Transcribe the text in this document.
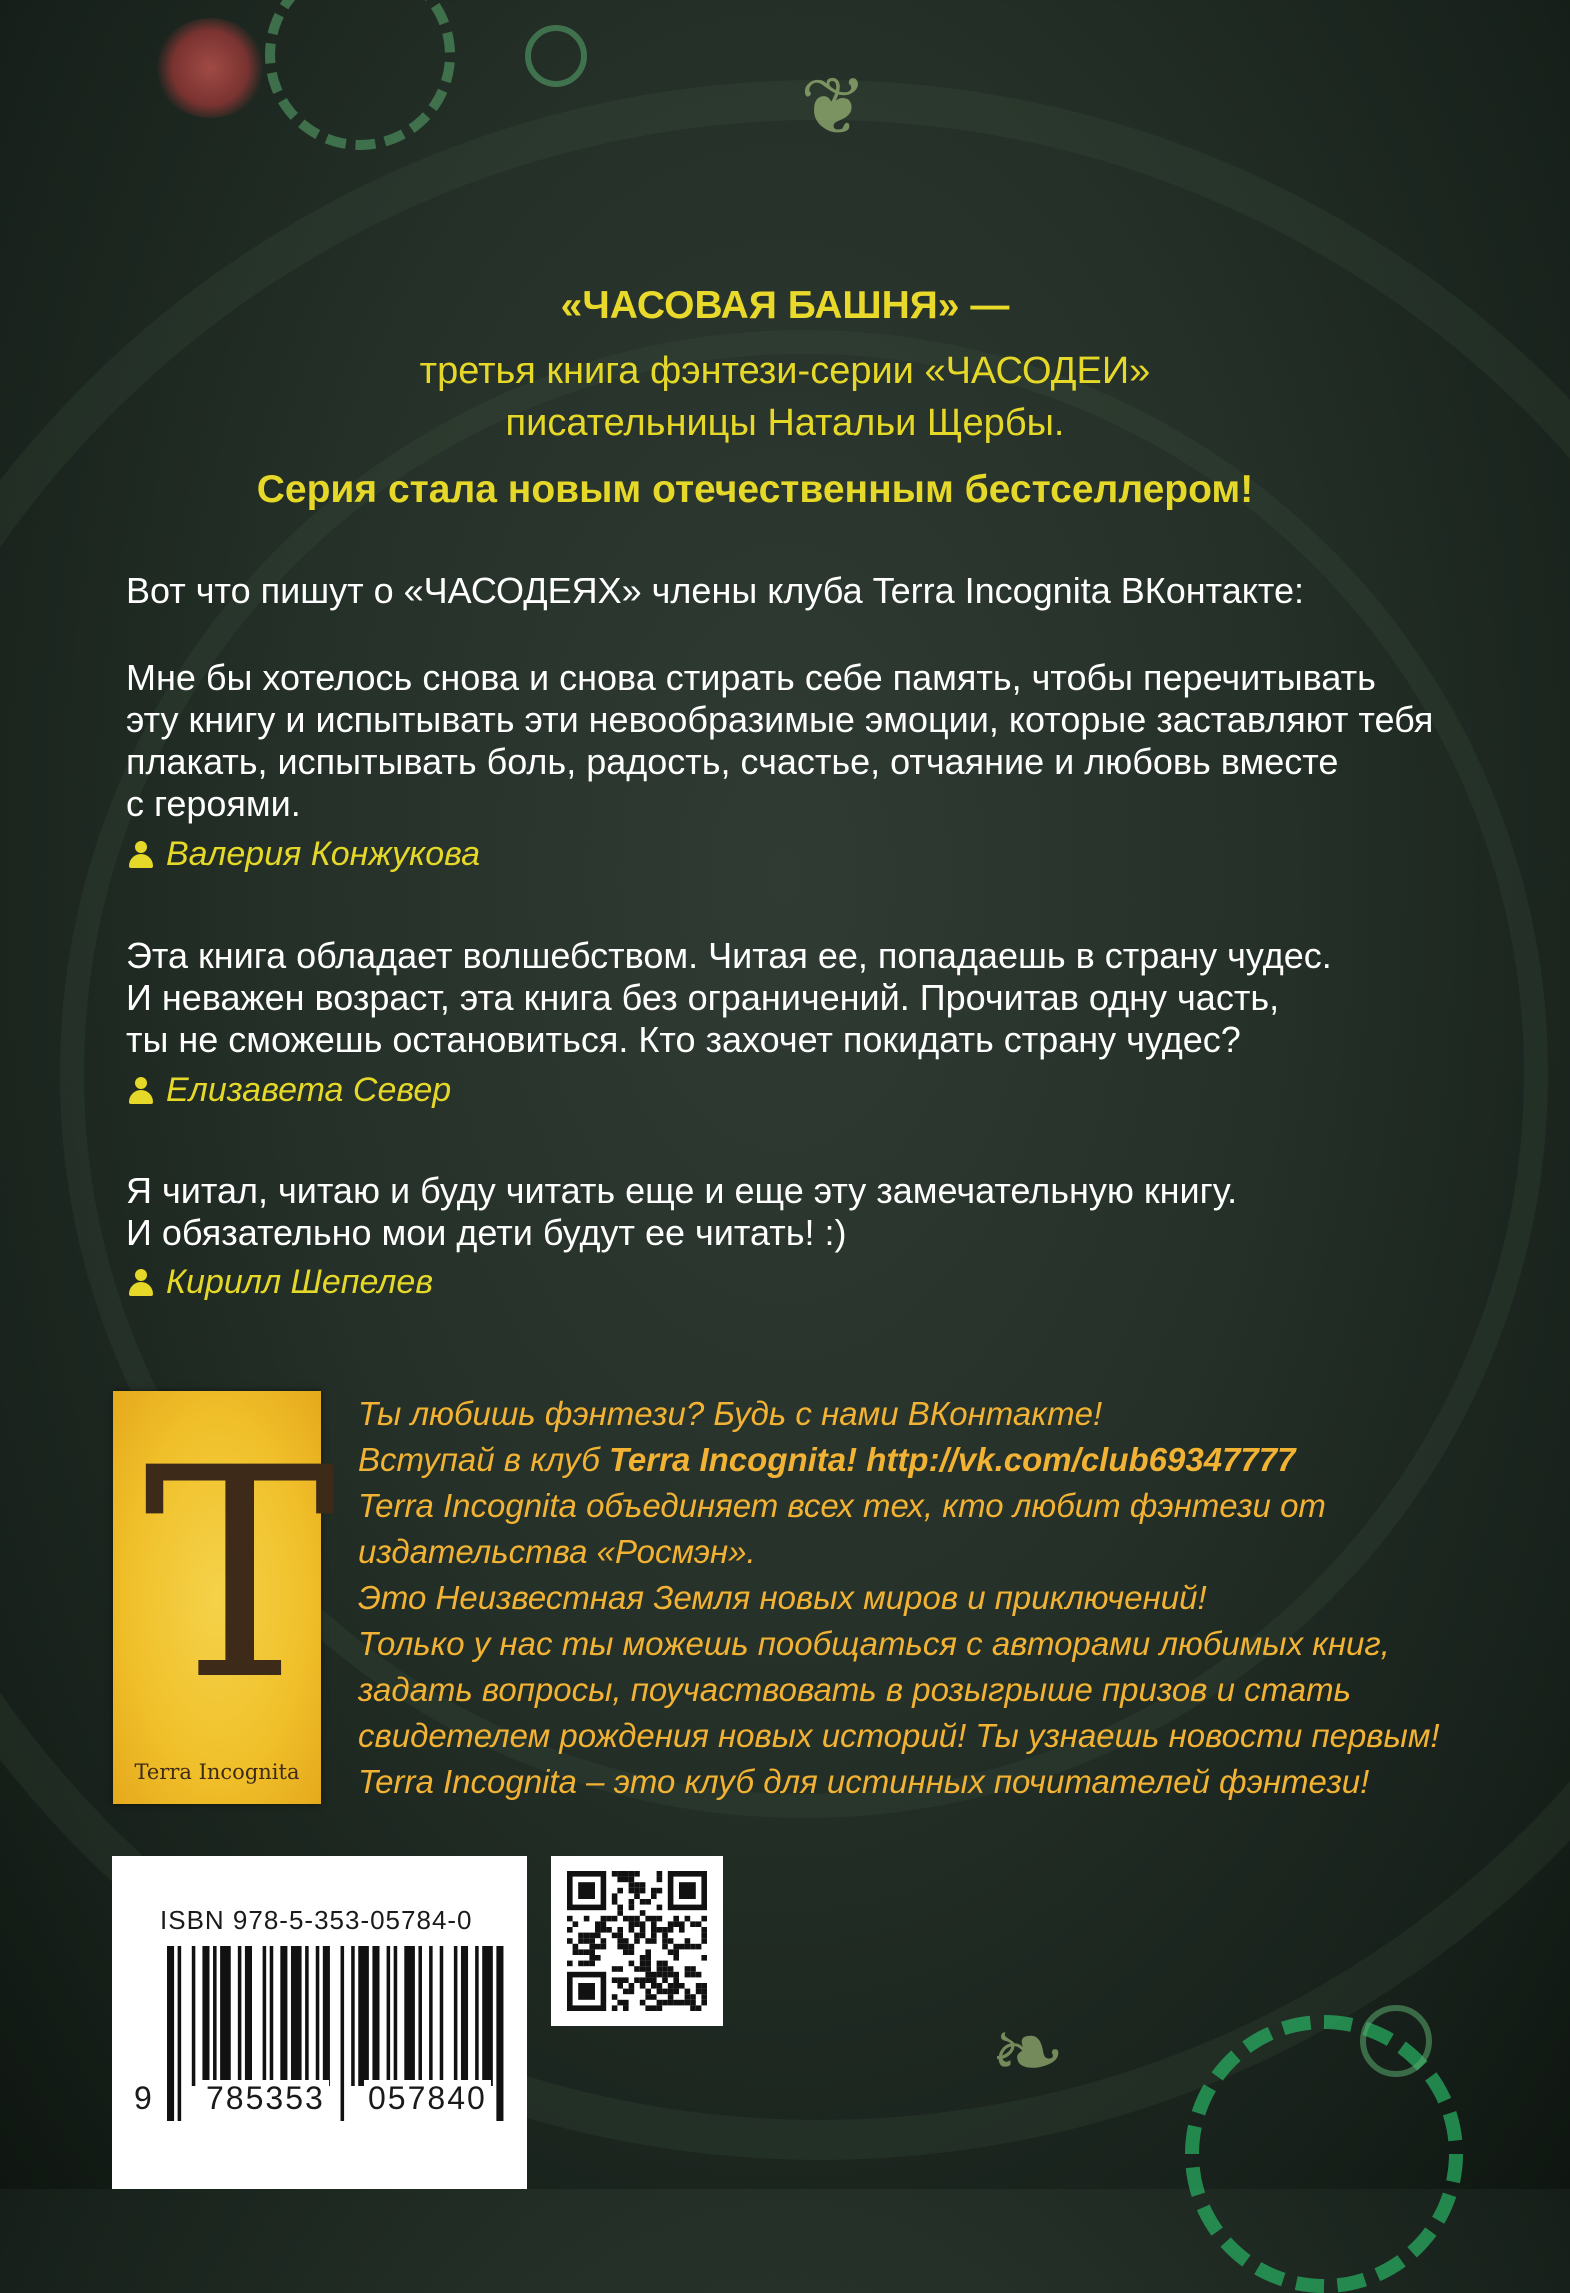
❦
❧
«ЧАСОВАЯ БАШНЯ» —
третья книга фэнтези-серии «ЧАСОДЕИ»
писательницы Натальи Щербы.
Серия стала новым отечественным бестселлером!
Вот что пишут о «ЧАСОДЕЯХ» члены клуба Terra Incognita ВКонтакте:
Мне бы хотелось снова и снова стирать себе память, чтобы перечитывать
эту книгу и испытывать эти невообразимые эмоции, которые заставляют тебя
плакать, испытывать боль, радость, счастье, отчаяние и любовь вместе
с героями.
Валерия Конжукова
Эта книга обладает волшебством. Читая ее, попадаешь в страну чудес.
И неважен возраст, эта книга без ограничений. Прочитав одну часть,
ты не сможешь остановиться. Кто захочет покидать страну чудес?
Елизавета Север
Я читал, читаю и буду читать еще и еще эту замечательную книгу.
И обязательно мои дети будут ее читать! :)
Кирилл Шепелев
T
Terra Incognita
Ты любишь фэнтези? Будь с нами ВКонтакте!
Вступай в клуб Terra Incognita! http://vk.com/club69347777
Terra Incognita объединяет всех тех, кто любит фэнтези от
издательства «Росмэн».
Это Неизвестная Земля новых миров и приключений!
Только у нас ты можешь пообщаться с авторами любимых книг,
задать вопросы, поучаствовать в розыгрыше призов и стать
свидетелем рождения новых историй! Ты узнаешь новости первым!
Terra Incognita – это клуб для истинных почитателей фэнтези!
ISBN 978-5-353-05784-0
9 785353 057840
